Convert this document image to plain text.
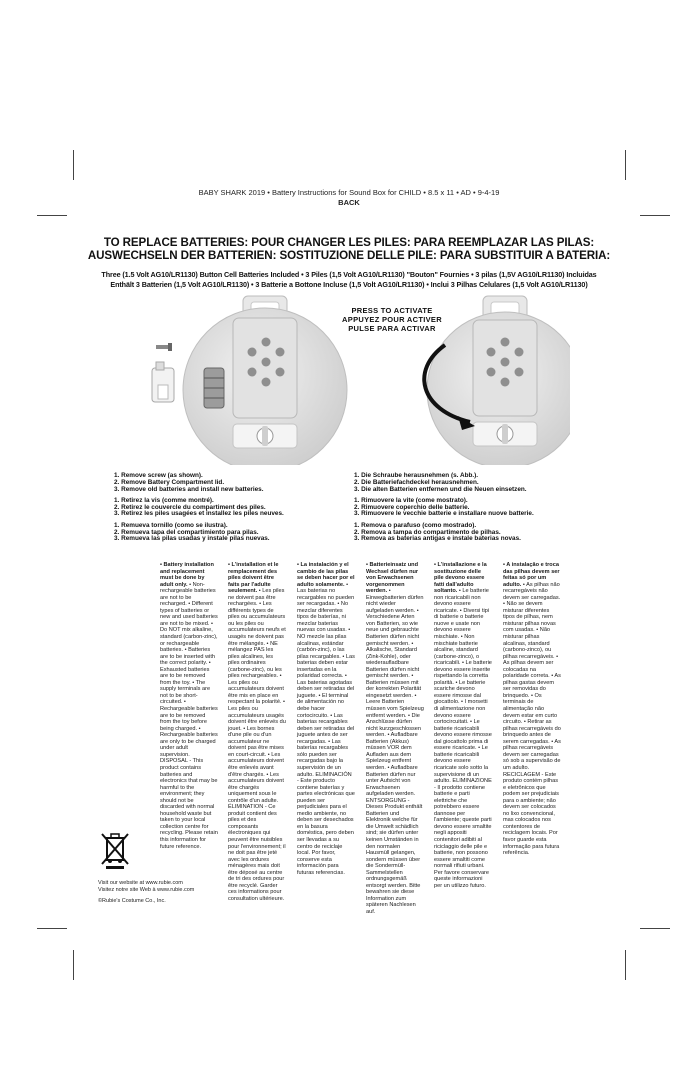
BABY SHARK 2019 • Battery Instructions for Sound Box for CHILD • 8.5 x 11 • AD • 9-4-19
BACK
TO REPLACE BATTERIES: POUR CHANGER LES PILES: PARA REEMPLAZAR LAS PILAS:
AUSWECHSELN DER BATTERIEN: SOSTITUZIONE DELLE PILE: PARA SUBSTITUIR A BATERIA:
Three (1.5 Volt AG10/LR1130) Button Cell Batteries Included • 3 Piles (1,5 Volt AG10/LR1130) "Bouton" Fournies • 3 pilas (1,5V AG10/LR1130) Incluidas
Enthält 3 Batterien (1,5 Volt AG10/LR1130) • 3 Batterie a Bottone Incluse (1,5 Volt AG10/LR1130) • Inclui 3 Pilhas Celulares (1,5 Volt AG10/LR1130)
PRESS TO ACTIVATE
APPUYEZ POUR ACTIVER
PULSE PARA ACTIVAR
1. Remove screw (as shown).
2. Remove Battery Compartment lid.
3. Remove old batteries and install new batteries.
1. Retirez la vis (comme montré).
2. Retirez le couvercle du compartiment des piles.
3. Retirez les piles usagées et installez les piles neuves.
1. Remueva tornillo (como se ilustra).
2. Remueva tapa del compartimiento para pilas.
3. Remueva las pilas usadas y instale pilas nuevas.
1. Die Schraube herausnehmen (s. Abb.).
2. Die Batteriefachdeckel herausnehmen.
3. Die alten Batterien entfernen und die Neuen einsetzen.
1. Rimuovere la vite (come mostrato).
2. Rimuovere coperchio delle batterie.
3. Rimuovere le vecchie batterie e installare nuove batterie.
1. Remova o parafuso (como mostrado).
2. Remova a tampa do compartimento de pilhas.
3. Remova as baterias antigas e instale baterias novas.
• Battery installation and replacement must be done by adult only. • Non-rechargeable batteries are not to be recharged. • Different types of batteries or new and used batteries are not to be mixed. • Do NOT mix alkaline, standard (carbon-zinc), or rechargeable batteries. • Batteries are to be inserted with the correct polarity. • Exhausted batteries are to be removed from the toy. • The supply terminals are not to be short-circuited. • Rechargeable batteries are to be removed from the toy before being charged. • Rechargeable batteries are only to be charged under adult supervision. DISPOSAL - This product contains batteries and electronics that may be harmful to the environment; they should not be discarded with normal household waste but taken to your local collection centre for recycling. Please retain this information for future reference.
• L'installation et le remplacement des piles doivent être faits par l'adulte seulement. • Les piles ne doivent pas être rechargées. • Les différents types de piles ou accumulateurs ou les piles ou accumulateurs neufs et usagés ne doivent pas être mélangés. • NE mélangez PAS les piles alcalines, les piles ordinaires (carbone-zinc), ou les piles rechargeables. • Les piles ou accumulateurs doivent être mis en place en respectant la polarité. • Les piles ou accumulateurs usagés doivent être enlevés du jouet. • Les bornes d'une pile ou d'un accumulateur ne doivent pas être mises en court-circuit. • Les accumulateurs doivent être enlevés avant d'être chargés. • Les accumulateurs doivent être chargés uniquement sous le contrôle d'un adulte. ÉLIMINATION - Ce produit contient des piles et des composants électroniques qui peuvent être nuisibles pour l'environnement; il ne doit pas être jeté avec les ordures ménagères mais doit être déposé au centre de tri des ordures pour être recyclé. Garder ces informations pour consultation ultérieure.
• La instalación y el cambio de las pilas se deben hacer por el adulto solamente. • Las baterias no recargables no pueden ser recargadas. • No mezclar diferentes tipos de baterías, ni mezclar baterias nuevas con usadas. • NO mezcle las pilas alcalinas, estándar (carbón-zinc), o las pilas recargables. • Las baterias deben estar insertadas en la polaridad correcta. • Las baterias agotadas deben ser retiradas del juguete. • El terminal de alimentación no debe hacer cortocircuito. • Las baterias recargables deben ser retiradas del juguete antes de ser recargadas. • Las baterías recargables sólo pueden ser recargadas bajo la supervisión de un adulto. ELIMINACIÓN - Este producto contiene baterías y partes electrónicas que pueden ser perjudiciales para el medio ambiente, no deben ser desechados en la basura doméstica, pero deben ser llevadas a su centro de reciclaje local. Por favor, conserve esta información para futuras referencias.
• Batterieinsatz und Wechsel dürfen nur von Erwachsenen vorgenommen werden. • Einwegbatterien dürfen nicht wieder aufgeladen werden. • Verschiedene Arten von Batterien, so wie neue und gebrauchte Batterien dürfen nicht gemischt werden. • Alkalische, Standard (Zink-Kohle), oder wiederaufladbare Batterien dürfen nicht gemischt werden. • Batterien müssen mit der korrekten Polarität eingesetzt werden. • Leere Batterien müssen vom Spielzeug entfernt werden. • Die Anschlüsse dürfen nicht kurzgeschlossen werden. • Aufladbare Batterien (Akkus) müssen VOR dem Aufladen aus dem Spielzeug entfernt werden. • Aufladbare Batterien dürfen nur unter Aufsicht von Erwachsenen aufgeladen werden. ENTSORGUNG - Dieses Produkt enthält Batterien und Elektronik welche für die Umwelt schädlich sind; sie dürfen unter keinen Umständen in den normalen Hausmüll gelangen, sondern müssen über die Sondermüll-Sammelstellen ordnungsgemäß entsorgt werden. Bitte bewahren sie diese Information zum späteren Nachlesen auf.
• L'installazione e la sostituzione delle pile devono essere fatti dall'adulto soltanto. • Le batterie non ricaricabili non devono essere ricaricate. • Diversi tipi di batterie o batterie nuove e usate non devono essere mischiate. • Non mischiate batterie alcaline, standard (carbone-zinco), o ricaricabili. • Le batterie devono essere inserite rispettando la corretta polarità. • Le batterie scariche devono essere rimosse dal giocattolo. • I morsetti di alimentazione non devono essere cortocircuitati. • Le batterie ricaricabili devono essere rimosse dal giocattolo prima di essere ricaricate. • Le batterie ricaricabili devono essere ricaricate solo sotto la supervisione di un adulto. ELIMINAZIONE - Il prodotto contiene batterie e parti elettriche che potrebbero essere dannose per l'ambiente; queste parti devono essere smaltite negli appositi contenitori adibiti al riciclaggio delle pile e batterie, non possono essere smaltiti come normali rifiuti urbani. Per favore conservare queste informazioni per un utilizzo futuro.
• A instalação e troca das pilhas devem ser feitas só por um adulto. • As pilhas não recarregáveis não devem ser carregadas. • Não se devem misturar diferentes tipos de pilhas, nem misturar pilhas novas com usadas. • Não misturar pilhas alcalinas, standard (carbono-zinco), ou pilhas recarregáveis. • As pilhas devem ser colocadas na polaridade correta. • As pilhas gastas devem ser removidas do brinquedo. • Os terminais de alimentação não devem estar em curto circuito. • Retirar as pilhas recarregáveis do brinquedo antes de serem carregadas. • As pilhas recarregáveis devem ser carregadas só sob a supervisão de um adulto. RECICLAGEM - Este produto contém pilhas e eletrônicos que podem ser prejudiciais para o ambiente; não devem ser colocados no lixo convencional, mas colocados nos contentores de reciclagem locais. Por favor guarde esta informação para futura referência.
Visit our website at www.rubie.com
Visitez notre site Web à www.rubie.com
©Rubie's Costume Co., Inc.
